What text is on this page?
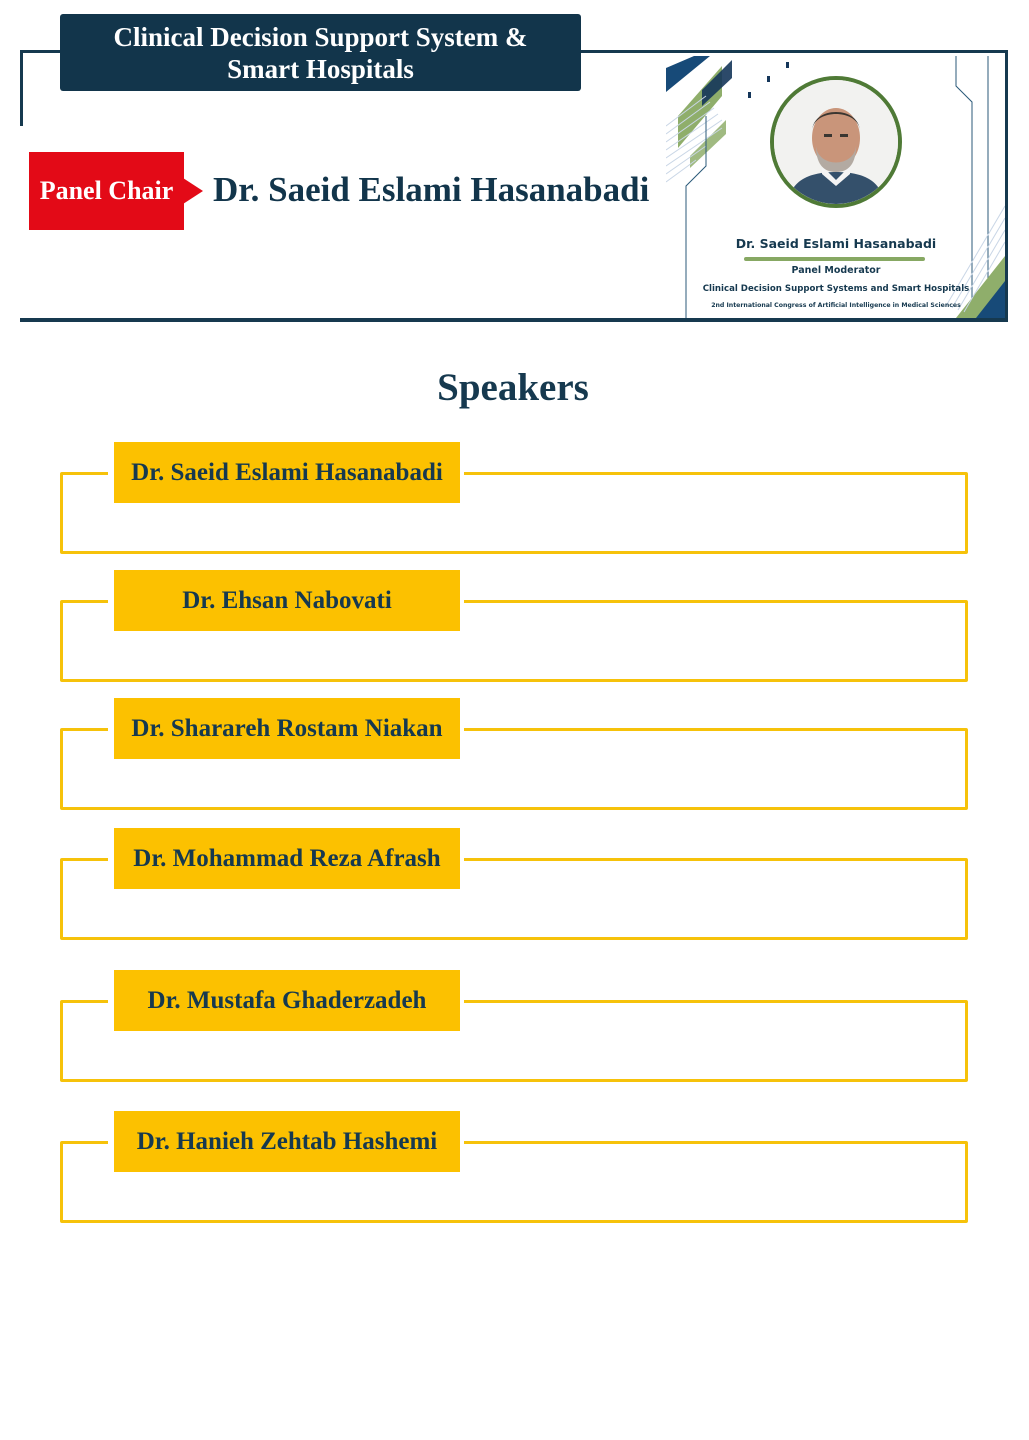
Clinical Decision Support System & Smart Hospitals
Panel Chair Dr. Saeid Eslami Hasanabadi
Dr. Saeid Eslami Hasanabadi
Panel Moderator
Clinical Decision Support Systems and Smart Hospitals
2nd International Congress of Artificial Intelligence in Medical Sciences
Speakers
Dr. Saeid Eslami Hasanabadi
Dr. Ehsan Nabovati
Dr. Sharareh Rostam Niakan
Dr. Mohammad Reza Afrash
Dr. Mustafa Ghaderzadeh
Dr. Hanieh Zehtab Hashemi
